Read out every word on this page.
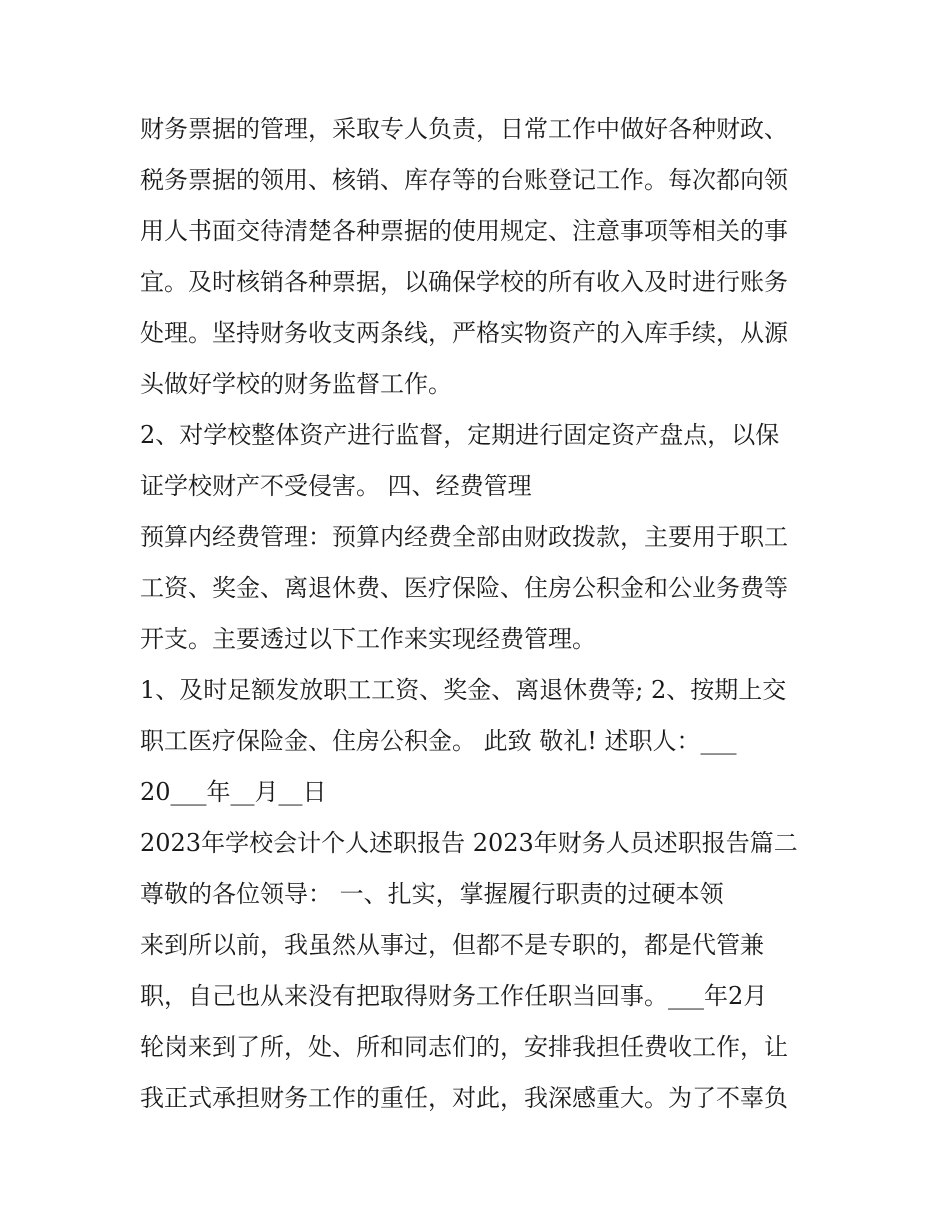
财务票据的管理，采取专人负责，日常工作中做好各种财政、
税务票据的领用、核销、库存等的台账登记工作。每次都向领
用人书面交待清楚各种票据的使用规定、注意事项等相关的事
宜。及时核销各种票据，以确保学校的所有收入及时进行账务
处理。坚持财务收支两条线，严格实物资产的入库手续，从源
头做好学校的财务监督工作。
2、对学校整体资产进行监督，定期进行固定资产盘点，以保
证学校财产不受侵害。 四、经费管理
预算内经费管理：预算内经费全部由财政拨款，主要用于职工
工资、奖金、离退休费、医疗保险、住房公积金和公业务费等
开支。主要透过以下工作来实现经费管理。
1、及时足额发放职工工资、奖金、离退休费等; 2、按期上交
职工医疗保险金、住房公积金。 此致 敬礼! 述职人：___
20___年__月__日
2023年学校会计个人述职报告 2023年财务人员述职报告篇二
尊敬的各位领导： 一、扎实，掌握履行职责的过硬本领
来到所以前，我虽然从事过，但都不是专职的，都是代管兼
职，自己也从来没有把取得财务工作任职当回事。___年2月
轮岗来到了所，处、所和同志们的，安排我担任费收工作，让
我正式承担财务工作的重任，对此，我深感重大。为了不辜负
